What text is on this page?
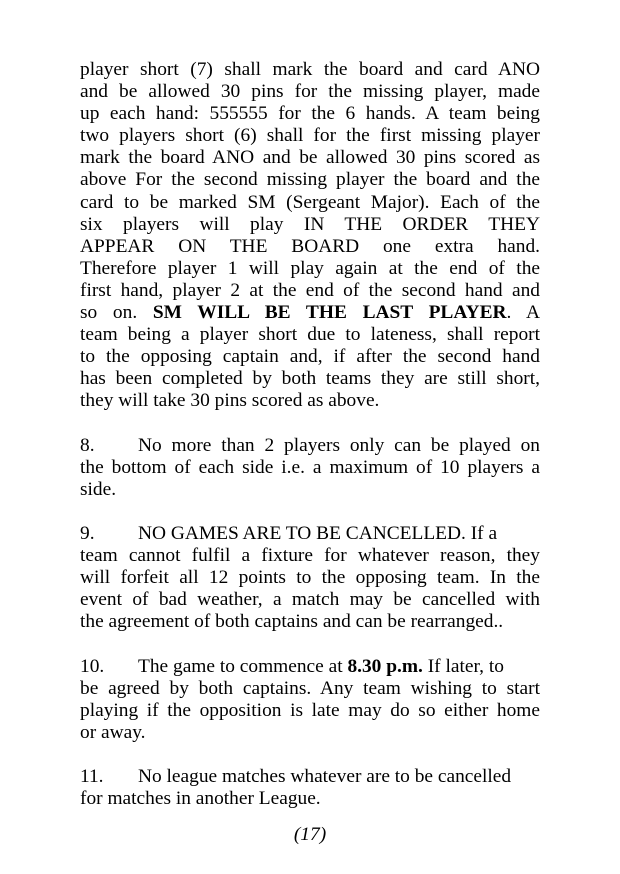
player short (7) shall mark the board and card ANO
and be allowed 30 pins for the missing player, made
up each hand: 555555 for the 6 hands. A team being
two players short (6) shall for the first missing player
mark the board ANO and be allowed 30 pins scored as
above For the second missing player the board and the
card to be marked SM (Sergeant Major). Each of the
six players will play IN THE ORDER THEY
APPEAR ON THE BOARD one extra hand.
Therefore player 1 will play again at the end of the
first hand, player 2 at the end of the second hand and
so on. SM WILL BE THE LAST PLAYER. A
team being a player short due to lateness, shall report
to the opposing captain and, if after the second hand
has been completed by both teams they are still short,
they will take 30 pins scored as above.
8. No more than 2 players only can be played on
the bottom of each side i.e. a maximum of 10 players a
side.
9. NO GAMES ARE TO BE CANCELLED. If a
team cannot fulfil a fixture for whatever reason, they
will forfeit all 12 points to the opposing team. In the
event of bad weather, a match may be cancelled with
the agreement of both captains and can be rearranged..
10. The game to commence at 8.30 p.m. If later, to
be agreed by both captains. Any team wishing to start
playing if the opposition is late may do so either home
or away.
11. No league matches whatever are to be cancelled
for matches in another League.
(17)
